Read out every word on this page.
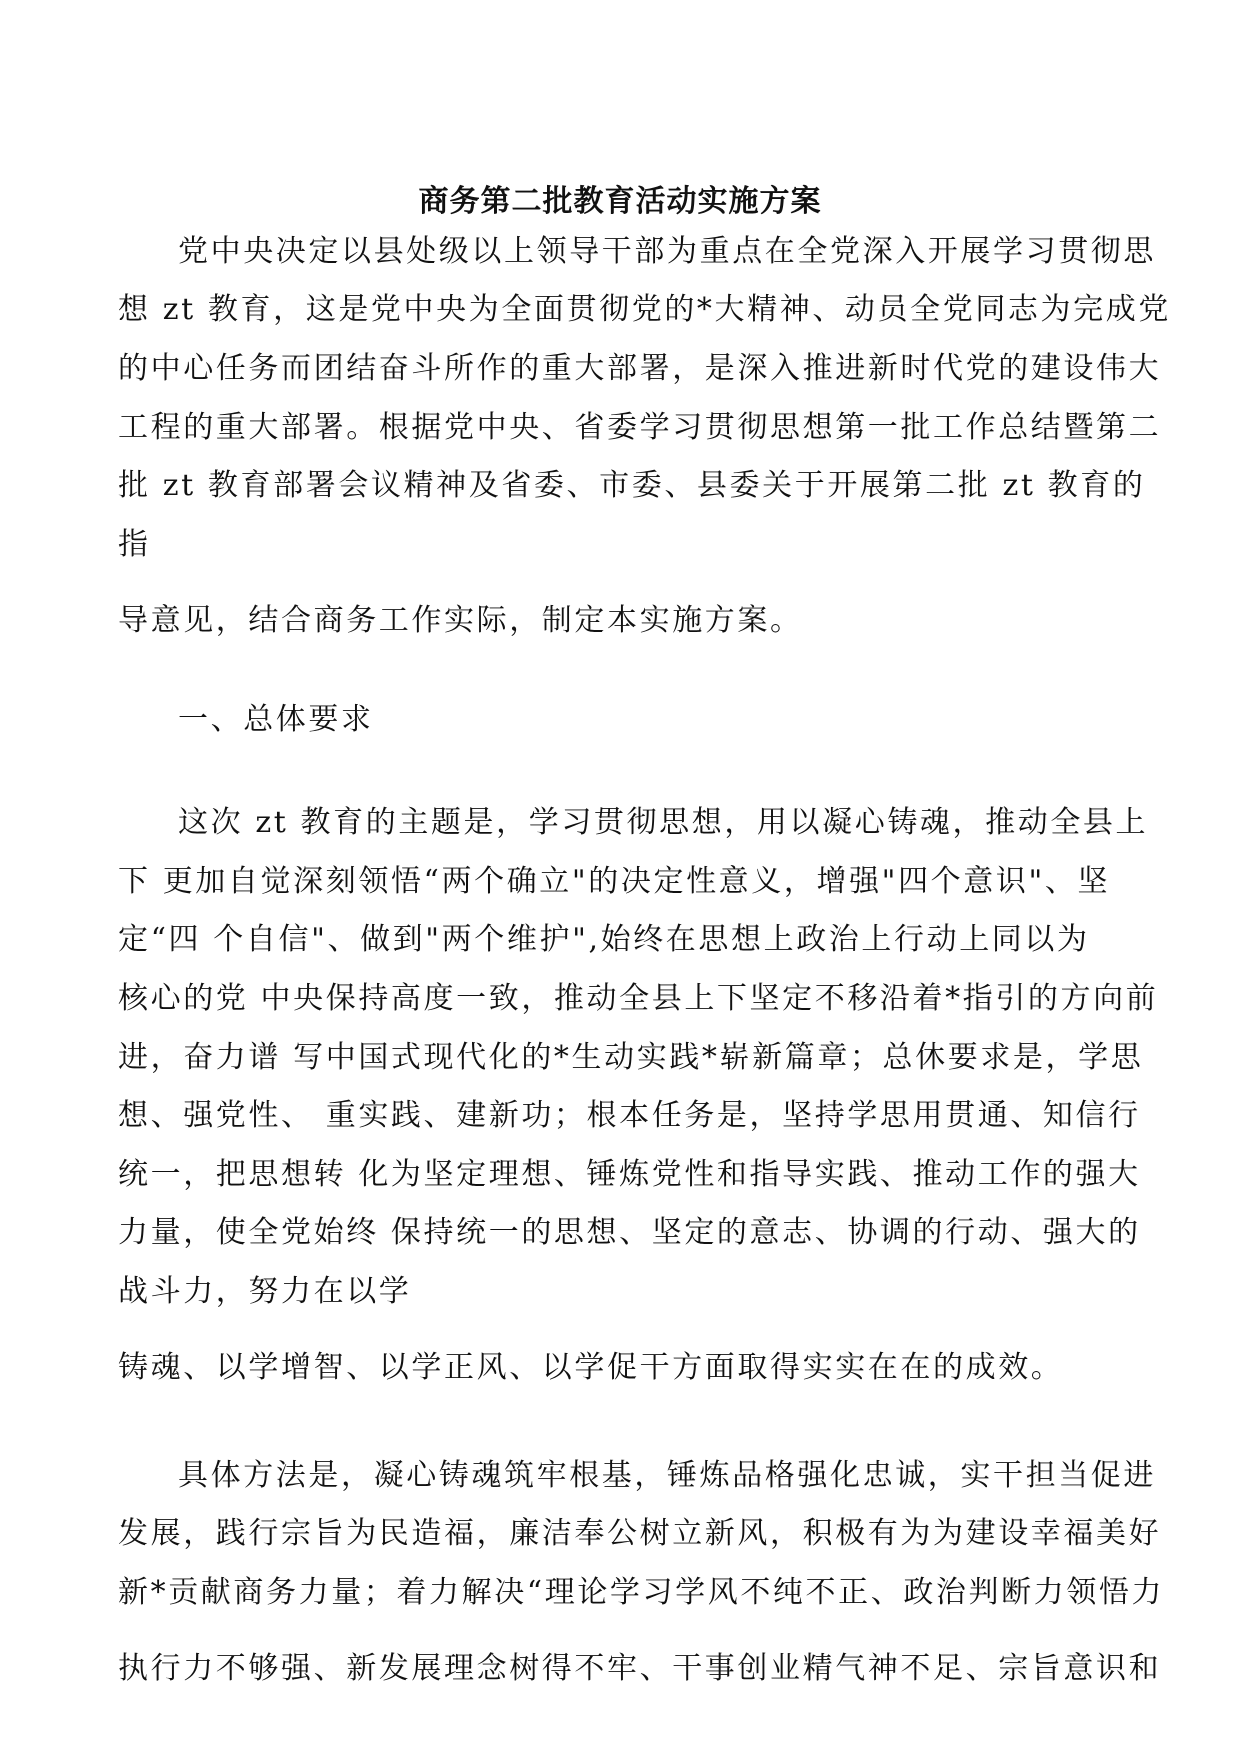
商务第二批教育活动实施方案
党中央决定以县处级以上领导干部为重点在全党深入开展学习贯彻思
想 zt 教育，这是党中央为全面贯彻党的*大精神、动员全党同志为完成党
的中心任务而团结奋斗所作的重大部署，是深入推进新时代党的建设伟大
工程的重大部署。根据党中央、省委学习贯彻思想第一批工作总结暨第二
批 zt 教育部署会议精神及省委、市委、县委关于开展第二批 zt 教育的
指
导意见，结合商务工作实际，制定本实施方案。
一、总体要求
这次 zt 教育的主题是，学习贯彻思想，用以凝心铸魂，推动全县上
下 更加自觉深刻领悟“两个确立"的决定性意义，增强"四个意识"、坚
定“四 个自信"、做到"两个维护",始终在思想上政治上行动上同以为
核心的党 中央保持高度一致，推动全县上下坚定不移沿着*指引的方向前
进，奋力谱 写中国式现代化的*生动实践*崭新篇章；总休要求是，学思
想、强党性、 重实践、建新功；根本任务是，坚持学思用贯通、知信行
统一，把思想转 化为坚定理想、锤炼党性和指导实践、推动工作的强大
力量，使全党始终 保持统一的思想、坚定的意志、协调的行动、强大的
战斗力，努力在以学
铸魂、以学增智、以学正风、以学促干方面取得实实在在的成效。
具体方法是，凝心铸魂筑牢根基，锤炼品格强化忠诚，实干担当促进
发展，践行宗旨为民造福，廉洁奉公树立新风，积极有为为建设幸福美好
新*贡献商务力量；着力解决“理论学习学风不纯不正、政治判断力领悟力
执行力不够强、新发展理念树得不牢、干事创业精气神不足、宗旨意识和
